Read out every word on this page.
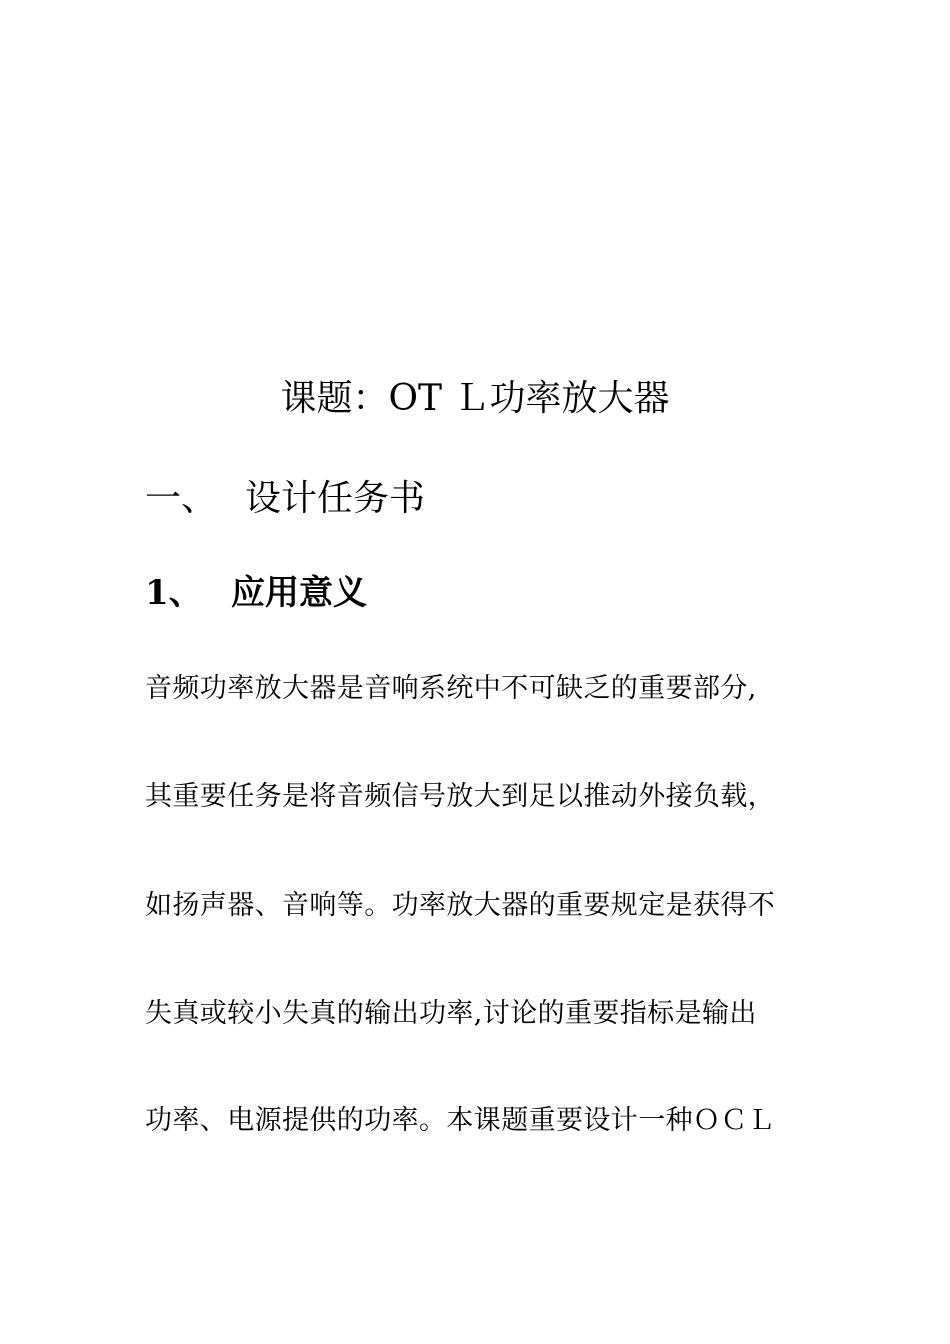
课题：OT Ｌ功率放大器
一、 设计任务书
1、 应用意义
音频功率放大器是音响系统中不可缺乏的重要部分,
其重要任务是将音频信号放大到足以推动外接负载，
如扬声器、音响等。功率放大器的重要规定是获得不
失真或较小失真的输出功率,讨论的重要指标是输出
功率、电源提供的功率。本课题重要设计一种ＯＣＬ
